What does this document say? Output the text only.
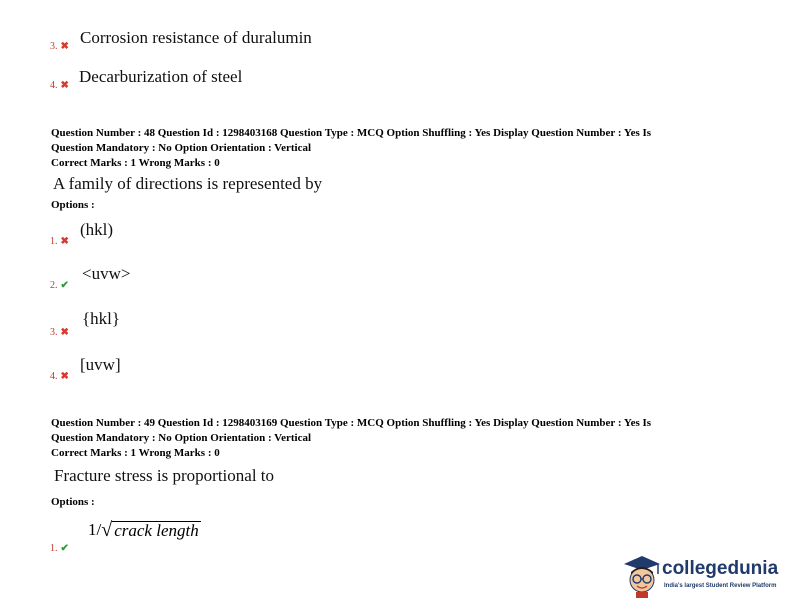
3. ✖ Corrosion resistance of duralumin
4. ✖ Decarburization of steel
Question Number : 48 Question Id : 1298403168 Question Type : MCQ Option Shuffling : Yes Display Question Number : Yes Is
Question Mandatory : No Option Orientation : Vertical
Correct Marks : 1 Wrong Marks : 0
A family of directions is represented by
Options :
1. ✖
(hkl)
2. ✔
<uvw>
3. ✖
{hkl}
4. ✖
[uvw]
Question Number : 49 Question Id : 1298403169 Question Type : MCQ Option Shuffling : Yes Display Question Number : Yes Is
Question Mandatory : No Option Orientation : Vertical
Correct Marks : 1 Wrong Marks : 0
Fracture stress is proportional to
Options :
1. ✔
1/ √ crack length
collegedunia
India's largest Student Review Platform
